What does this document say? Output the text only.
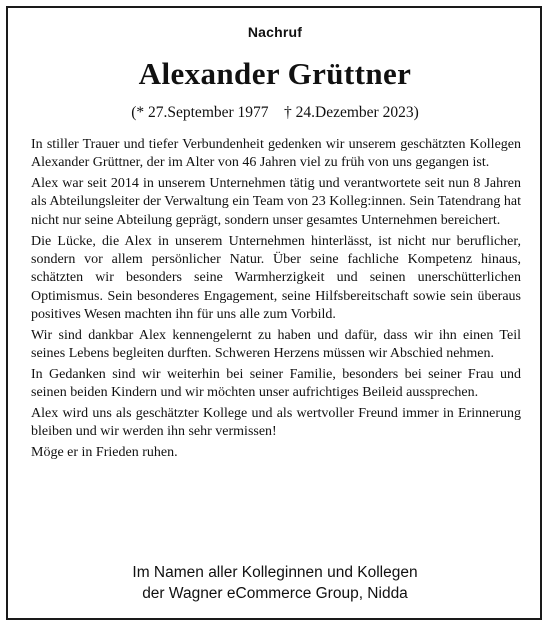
Nachruf
Alexander Grüttner
(* 27.September 1977    † 24.Dezember 2023)

In stiller Trauer und tiefer Verbundenheit gedenken wir unserem geschätzten Kollegen Alexander Grüttner, der im Alter von 46 Jahren viel zu früh von uns gegangen ist.

Alex war seit 2014 in unserem Unternehmen tätig und verantwortete seit nun 8 Jahren als Abteilungsleiter der Verwaltung ein Team von 23 Kolleg:innen. Sein Tatendrang hat nicht nur seine Abteilung geprägt, sondern unser gesamtes Unternehmen bereichert.

Die Lücke, die Alex in unserem Unternehmen hinterlässt, ist nicht nur beruflicher, sondern vor allem persönlicher Natur. Über seine fachliche Kompetenz hinaus, schätzten wir besonders seine Warmherzigkeit und seinen unerschütterlichen Optimismus. Sein besonderes Engagement, seine Hilfsbereitschaft sowie sein überaus positives Wesen machten ihn für uns alle zum Vorbild.

Wir sind dankbar Alex kennengelernt zu haben und dafür, dass wir ihn einen Teil seines Lebens begleiten durften. Schweren Herzens müssen wir Abschied nehmen.

In Gedanken sind wir weiterhin bei seiner Familie, besonders bei seiner Frau und seinen beiden Kindern und wir möchten unser aufrichtiges Beileid aussprechen.

Alex wird uns als geschätzter Kollege und als wertvoller Freund immer in Erinnerung bleiben und wir werden ihn sehr vermissen!

Möge er in Frieden ruhen.

Im Namen aller Kolleginnen und Kollegen
der Wagner eCommerce Group, Nidda
